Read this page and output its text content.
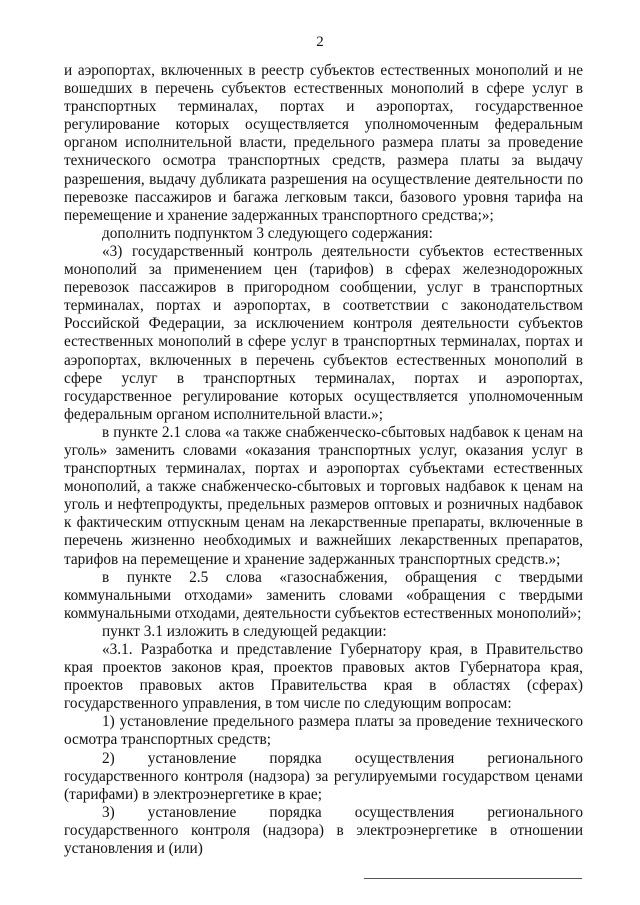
2

и аэропортах, включенных в реестр субъектов естественных монополий и не вошедших в перечень субъектов естественных монополий в сфере услуг в транспортных терминалах, портах и аэропортах, государственное регулирование которых осуществляется уполномоченным федеральным органом исполнительной власти, предельного размера платы за проведение технического осмотра транспортных средств, размера платы за выдачу разрешения, выдачу дубликата разрешения на осуществление деятельности по перевозке пассажиров и багажа легковым такси, базового уровня тарифа на перемещение и хранение задержанных транспортного средства;»;

дополнить подпунктом 3 следующего содержания:

«3) государственный контроль деятельности субъектов естественных монополий за применением цен (тарифов) в сферах железнодорожных перевозок пассажиров в пригородном сообщении, услуг в транспортных терминалах, портах и аэропортах, в соответствии с законодательством Российской Федерации, за исключением контроля деятельности субъектов естественных монополий в сфере услуг в транспортных терминалах, портах и аэропортах, включенных в перечень субъектов естественных монополий в сфере услуг в транспортных терминалах, портах и аэропортах, государственное регулирование которых осуществляется уполномоченным федеральным органом исполнительной власти.»;

в пункте 2.1 слова «а также снабженческо-сбытовых надбавок к ценам на уголь» заменить словами «оказания транспортных услуг, оказания услуг в транспортных терминалах, портах и аэропортах субъектами естественных монополий, а также снабженческо-сбытовых и торговых надбавок к ценам на уголь и нефтепродукты, предельных размеров оптовых и розничных надбавок к фактическим отпускным ценам на лекарственные препараты, включенные в перечень жизненно необходимых и важнейших лекарственных препаратов, тарифов на перемещение и хранение задержанных транспортных средств.»;

в пункте 2.5 слова «газоснабжения, обращения с твердыми коммунальными отходами» заменить словами «обращения с твердыми коммунальными отходами, деятельности субъектов естественных монополий»;

пункт 3.1 изложить в следующей редакции:

«3.1. Разработка и представление Губернатору края, в Правительство края проектов законов края, проектов правовых актов Губернатора края, проектов правовых актов Правительства края в областях (сферах) государственного управления, в том числе по следующим вопросам:

1) установление предельного размера платы за проведение технического осмотра транспортных средств;

2) установление порядка осуществления регионального государственного контроля (надзора) за регулируемыми государством ценами (тарифами) в электроэнергетике в крае;

3) установление порядка осуществления регионального государственного контроля (надзора) в электроэнергетике в отношении установления и (или)
